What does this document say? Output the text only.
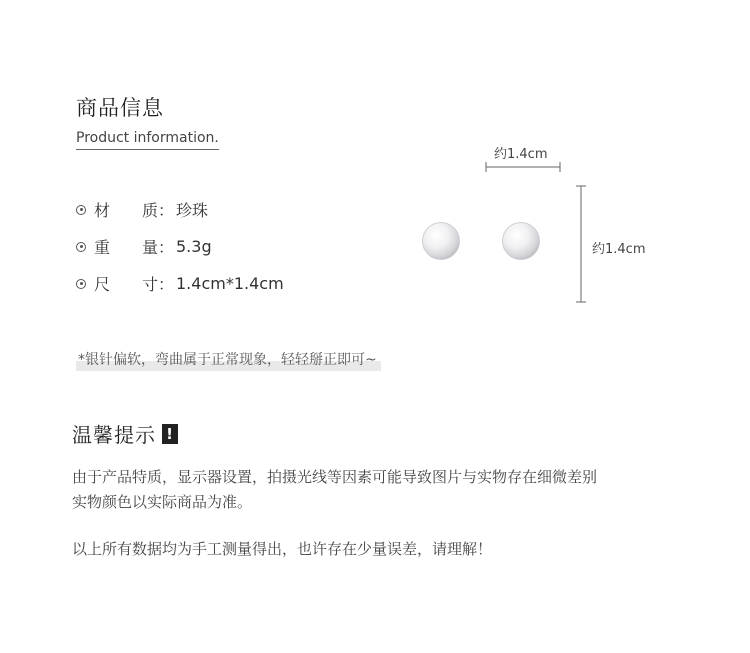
商品信息
Product information.
材　　质： 珍珠
重　　量： 5.3g
尺　　寸： 1.4cm*1.4cm
约1.4cm
约1.4cm
*银针偏软，弯曲属于正常现象，轻轻掰正即可~
温馨提示 !
由于产品特质，显示器设置，拍摄光线等因素可能导致图片与实物存在细微差别
实物颜色以实际商品为准。
以上所有数据均为手工测量得出，也许存在少量误差，请理解！
